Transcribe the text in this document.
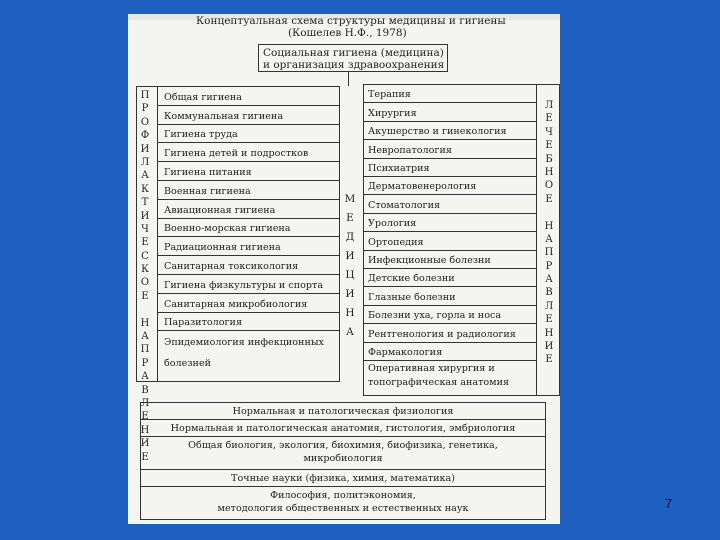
Концептуальная схема структуры медицины и гигиены
(Кошелев Н.Ф., 1978)
Социальная гигиена (медицина)
и организация здравоохранения
П
Р
О
Ф
И
Л
А
К
Т
И
Ч
Е
С
К
О
Е
Н
А
П
Р
А
В
Л
Е
Н
И
Е
Общая гигиена
Коммунальная гигиена
Гигиена труда
Гигиена детей и подростков
Гигиена питания
Военная гигиена
Авиационная гигиена
Военно-морская гигиена
Радиационная гигиена
Санитарная токсикология
Гигиена физкультуры и спорта
Санитарная микробиология
Паразитология
Эпидемиология инфекционных
болезней
М
Е
Д
И
Ц
И
Н
А
Терапия
Хирургия
Акушерство и гинекология
Невропатология
Психиатрия
Дерматовенерология
Стоматология
Урология
Ортопедия
Инфекционные болезни
Детские болезни
Глазные болезни
Болезни уха, горла и носа
Рентгенология и радиология
Фармакология
Оперативная хирургия и
топографическая анатомия
Л
Е
Ч
Е
Б
Н
О
Е
Н
А
П
Р
А
В
Л
Е
Н
И
Е
Нормальная и патологическая физиология
Нормальная и патологическая анатомия, гистология, эмбриология
Общая биология, экология, биохимия, биофизика, генетика,
микробиология
Точные науки (физика, химия, математика)
Философия, политэкономия,
методология общественных и естественных наук	7
